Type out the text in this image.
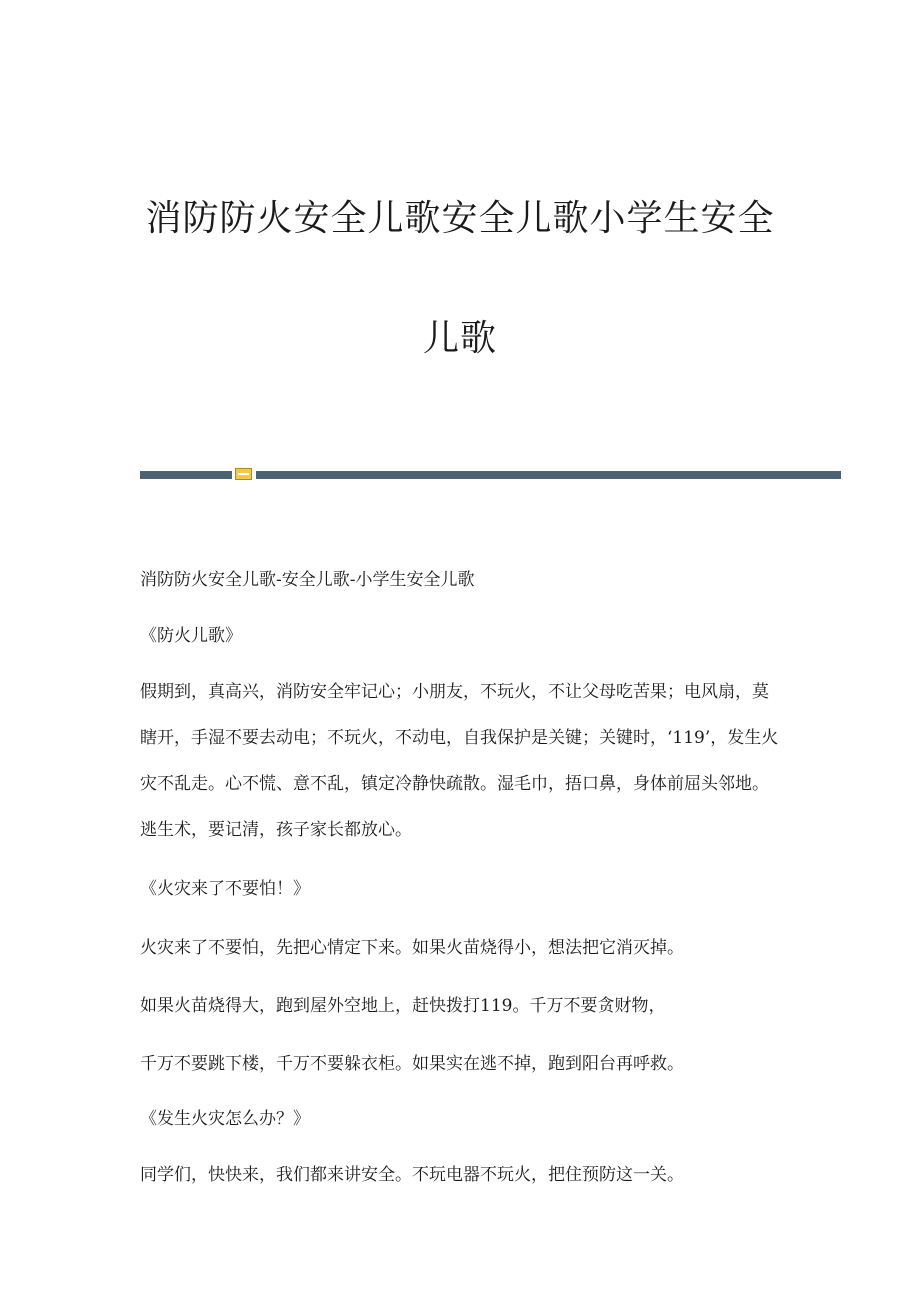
消防防火安全儿歌安全儿歌小学生安全
儿歌

消防防火安全儿歌-安全儿歌-小学生安全儿歌

《防火儿歌》

假期到，真高兴，消防安全牢记心；小朋友，不玩火，不让父母吃苦果；电风扇，莫瞎开，手湿不要去动电；不玩火，不动电，自我保护是关键；关键时，‘119’，发生火灾不乱走。心不慌、意不乱，镇定冷静快疏散。湿毛巾，捂口鼻，身体前屈头邻地。逃生术，要记清，孩子家长都放心。

《火灾来了不要怕！》

火灾来了不要怕，先把心情定下来。如果火苗烧得小，想法把它消灭掉。

如果火苗烧得大，跑到屋外空地上，赶快拨打119。千万不要贪财物，

千万不要跳下楼，千万不要躲衣柜。如果实在逃不掉，跑到阳台再呼救。

《发生火灾怎么办？》

同学们，快快来，我们都来讲安全。不玩电器不玩火，把住预防这一关。
